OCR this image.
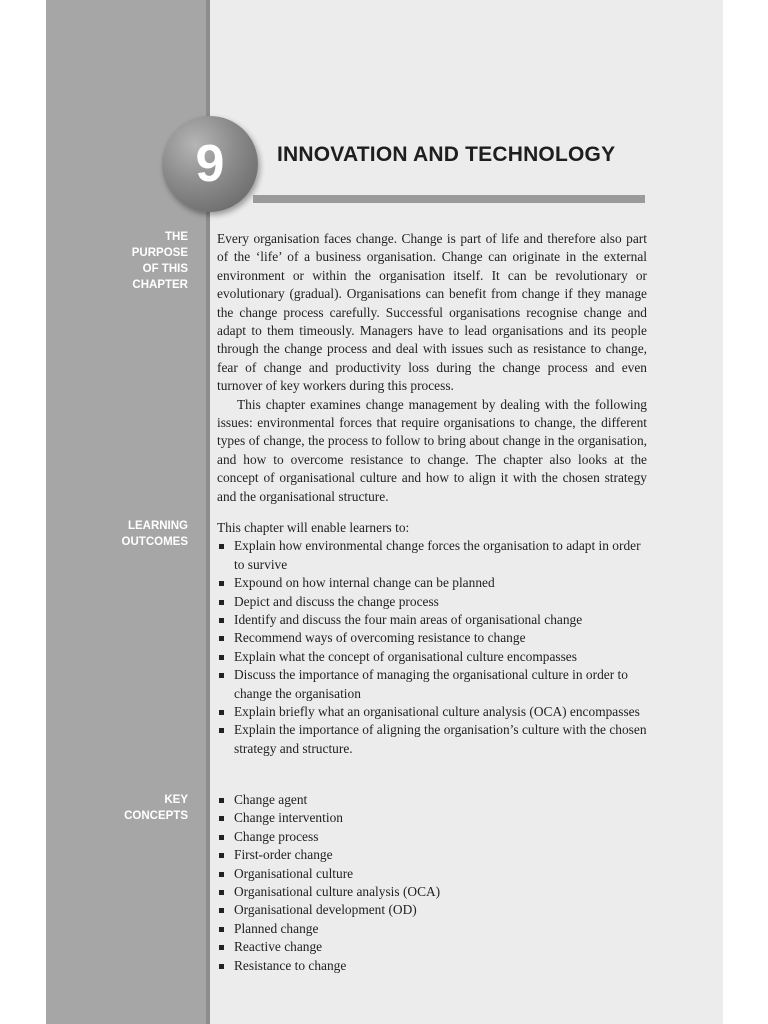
9	INNOVATION AND TECHNOLOGY
THE
PURPOSE
OF THIS
CHAPTER

Every organisation faces change. Change is part of life and therefore also part of the ‘life’ of a business organisation. Change can originate in the external environment or within the organisation itself. It can be revolutionary or evolutionary (gradual). Organisations can benefit from change if they manage the change process carefully. Successful organisations recognise change and adapt to them timeously. Managers have to lead organisations and its people through the change process and deal with issues such as resistance to change, fear of change and productivity loss during the change process and even turnover of key workers during this process.

This chapter examines change management by dealing with the following issues: environmental forces that require organisations to change, the different types of change, the process to follow to bring about change in the organisation, and how to overcome resistance to change. The chapter also looks at the concept of organisational culture and how to align it with the chosen strategy and the organisational structure.

LEARNING
OUTCOMES

This chapter will enable learners to:

Explain how environmental change forces the organisation to adapt in order to survive
Expound on how internal change can be planned
Depict and discuss the change process
Identify and discuss the four main areas of organisational change
Recommend ways of overcoming resistance to change
Explain what the concept of organisational culture encompasses
Discuss the importance of managing the organisational culture in order to change the organisation
Explain briefly what an organisational culture analysis (OCA) encompasses
Explain the importance of aligning the organisation’s culture with the chosen strategy and structure.
KEY
CONCEPTS
Change agent
Change intervention
Change process
First-order change
Organisational culture
Organisational culture analysis (OCA)
Organisational development (OD)
Planned change
Reactive change
Resistance to change
